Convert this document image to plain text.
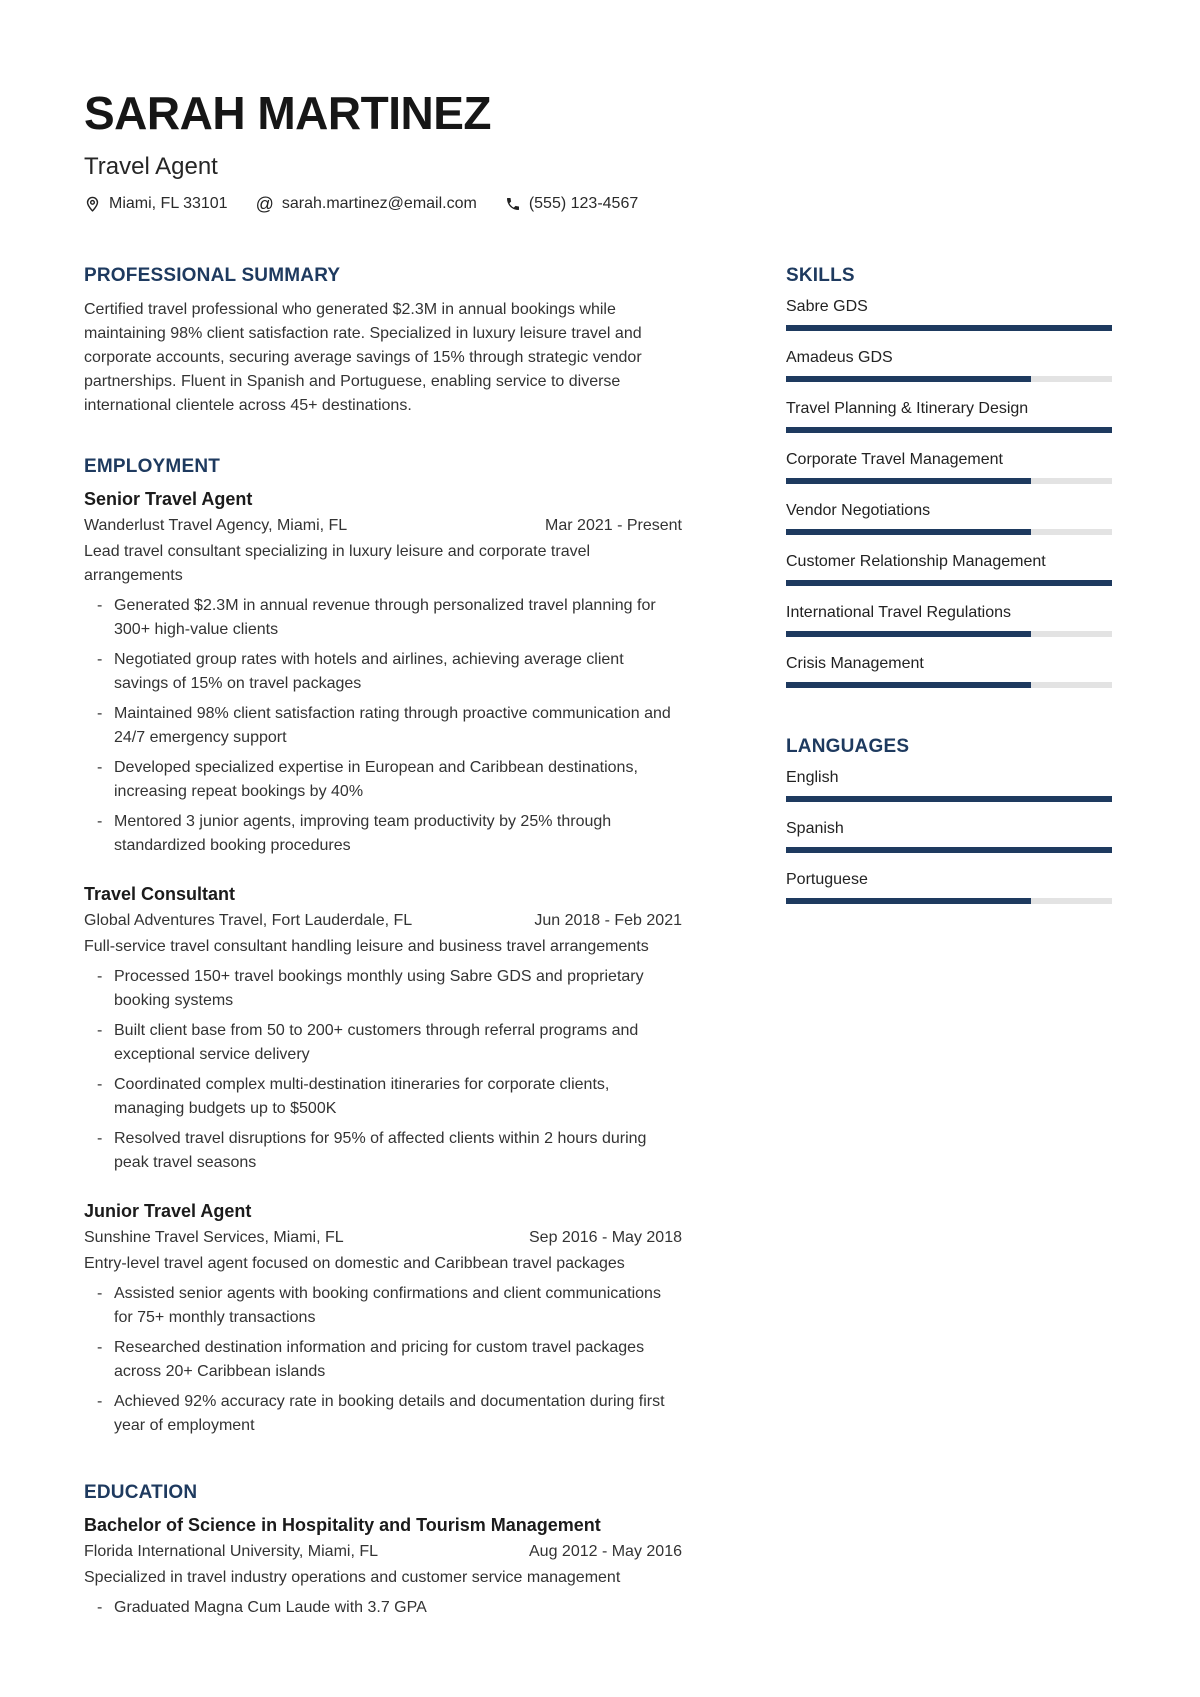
SARAH MARTINEZ
Travel Agent
Miami, FL 33101 @ sarah.martinez@email.com	(555) 123-4567
PROFESSIONAL SUMMARY

Certified travel professional who generated $2.3M in annual bookings while maintaining 98% client satisfaction rate. Specialized in luxury leisure travel and corporate accounts, securing average savings of 15% through strategic vendor partnerships. Fluent in Spanish and Portuguese, enabling service to diverse international clientele across 45+ destinations.

EMPLOYMENT
Senior Travel Agent
Wanderlust Travel Agency, Miami, FL	Mar 2021 - Present
Lead travel consultant specializing in luxury leisure and corporate travel arrangements
- Generated $2.3M in annual revenue through personalized travel planning for 300+ high-value clients
- Negotiated group rates with hotels and airlines, achieving average client savings of 15% on travel packages
- Maintained 98% client satisfaction rating through proactive communication and 24/7 emergency support
- Developed specialized expertise in European and Caribbean destinations, increasing repeat bookings by 40%
- Mentored 3 junior agents, improving team productivity by 25% through standardized booking procedures
Travel Consultant
Global Adventures Travel, Fort Lauderdale, FL	Jun 2018 - Feb 2021
Full-service travel consultant handling leisure and business travel arrangements
- Processed 150+ travel bookings monthly using Sabre GDS and proprietary booking systems
- Built client base from 50 to 200+ customers through referral programs and exceptional service delivery
- Coordinated complex multi-destination itineraries for corporate clients, managing budgets up to $500K
- Resolved travel disruptions for 95% of affected clients within 2 hours during peak travel seasons
Junior Travel Agent
Sunshine Travel Services, Miami, FL	Sep 2016 - May 2018
Entry-level travel agent focused on domestic and Caribbean travel packages
- Assisted senior agents with booking confirmations and client communications for 75+ monthly transactions
- Researched destination information and pricing for custom travel packages across 20+ Caribbean islands
- Achieved 92% accuracy rate in booking details and documentation during first year of employment
EDUCATION
Bachelor of Science in Hospitality and Tourism Management
Florida International University, Miami, FL	Aug 2012 - May 2016
Specialized in travel industry operations and customer service management
- Graduated Magna Cum Laude with 3.7 GPA
SKILLS
Sabre GDS
Amadeus GDS
Travel Planning & Itinerary Design
Corporate Travel Management
Vendor Negotiations
Customer Relationship Management
International Travel Regulations
Crisis Management
LANGUAGES
English
Spanish
Portuguese
